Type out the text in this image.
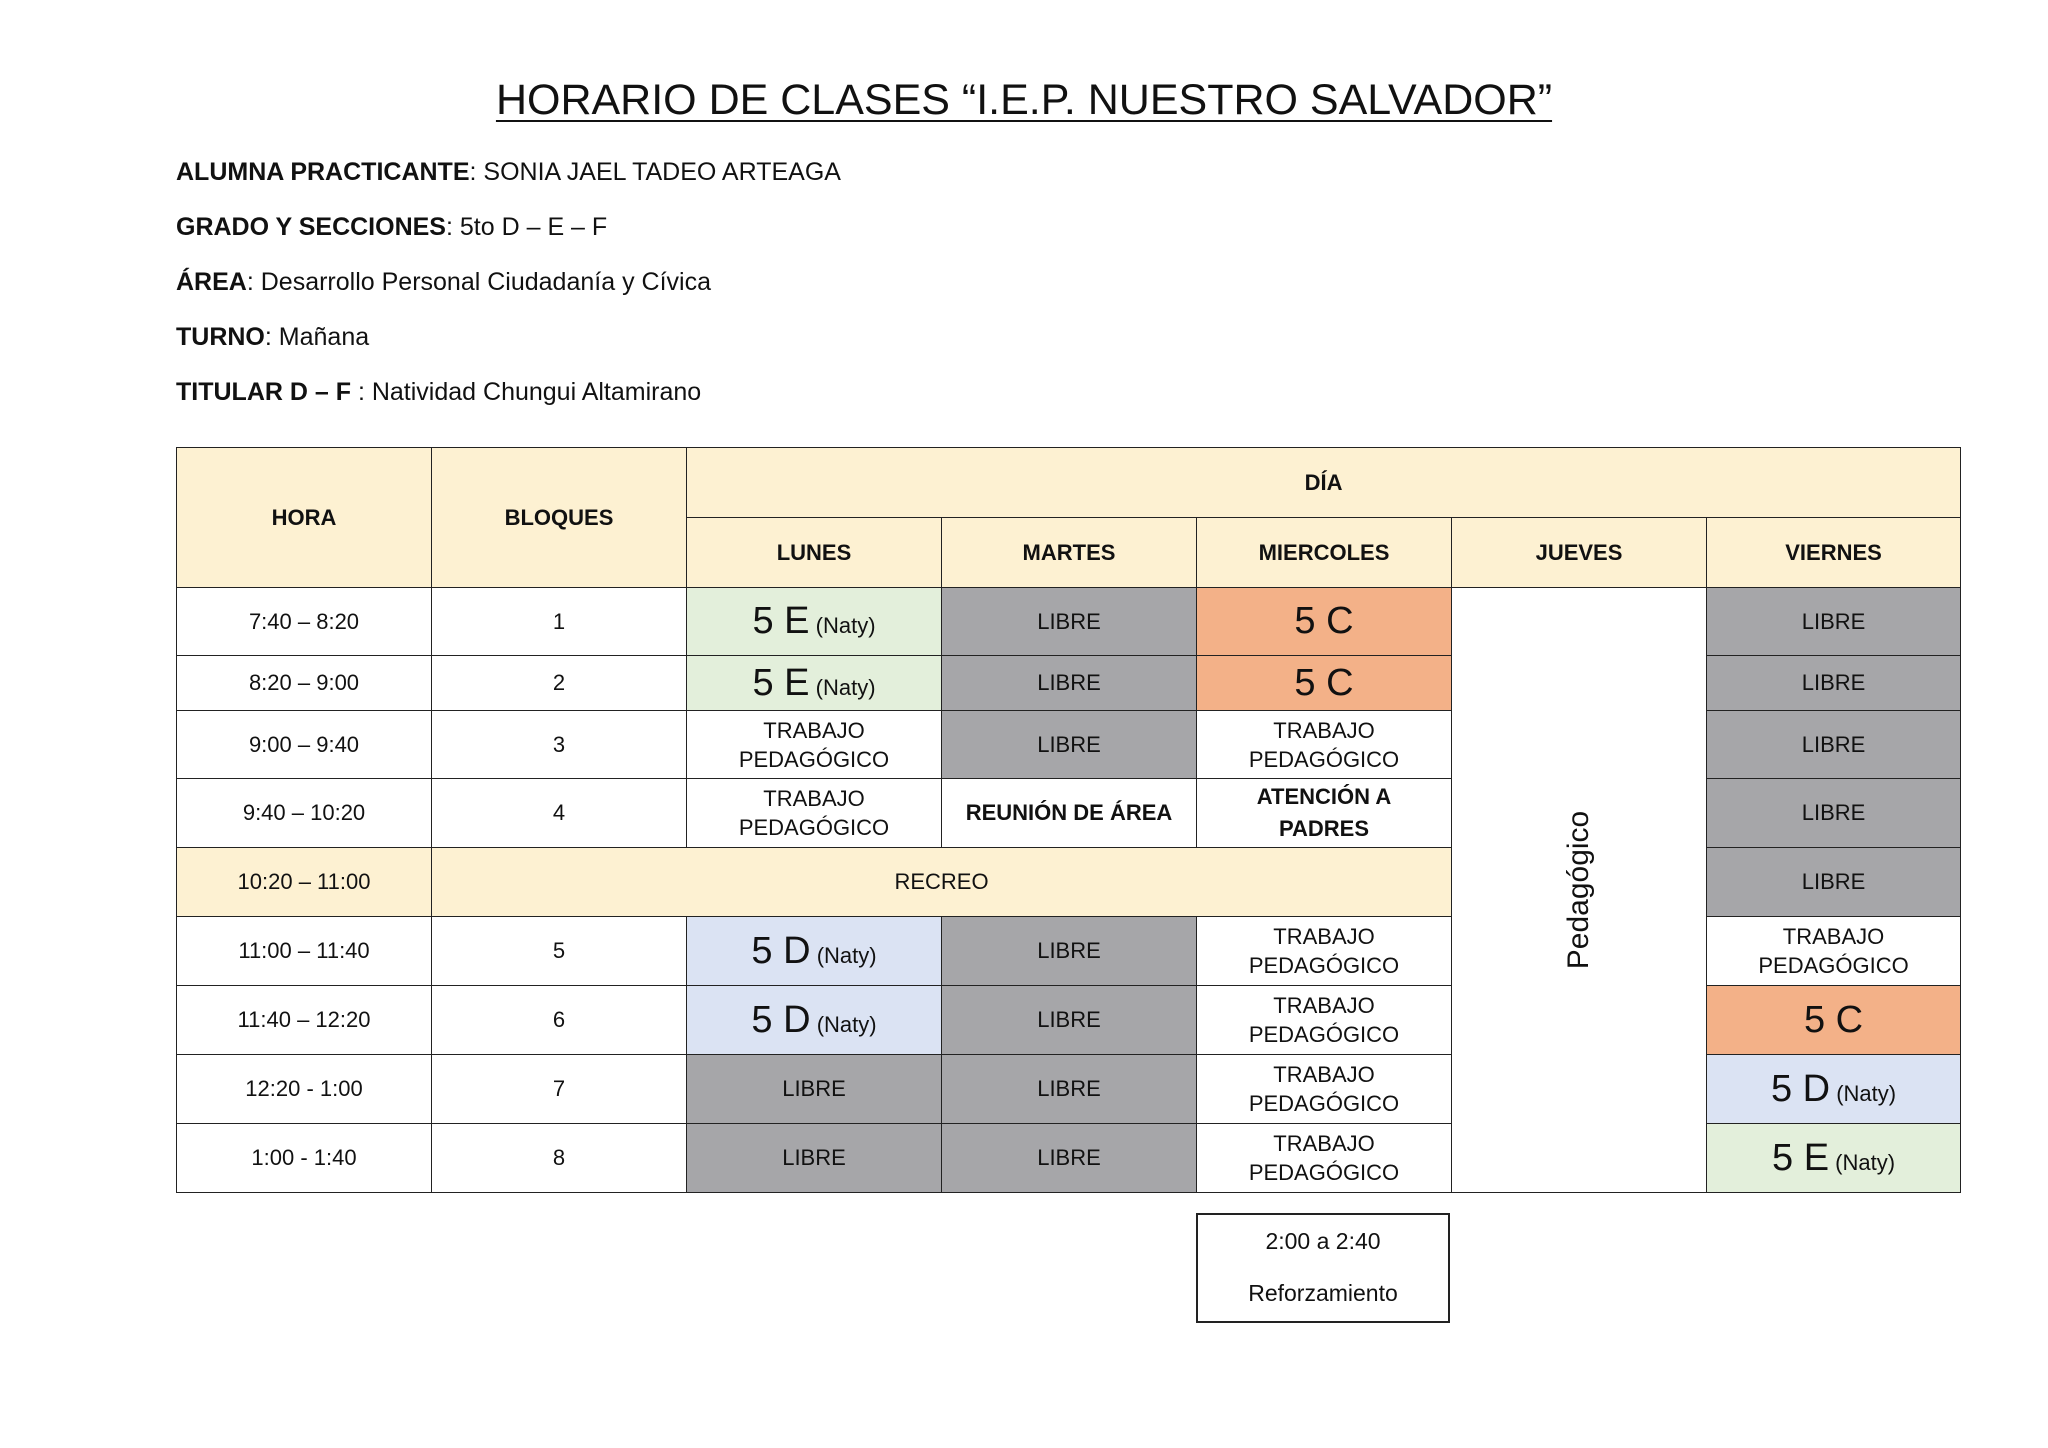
HORARIO DE CLASES “I.E.P. NUESTRO SALVADOR”
ALUMNA PRACTICANTE: SONIA JAEL TADEO ARTEAGA
GRADO Y SECCIONES: 5to D – E – F
ÁREA: Desarrollo Personal Ciudadanía y Cívica
TURNO: Mañana
TITULAR D – F : Natividad Chungui Altamirano
HORA	BLOQUES	DÍA				
		LUNES	MARTES	MIERCOLES	JUEVES	VIERNES
7:40 – 8:20	1	5 E (Naty)	LIBRE	5 C	Pedagógico	LIBRE
8:20 – 9:00	2	5 E (Naty)	LIBRE	5 C		LIBRE
9:00 – 9:40	3	TRABAJO
PEDAGÓGICO	LIBRE	TRABAJO
PEDAGÓGICO		LIBRE
9:40 – 10:20	4	TRABAJO
PEDAGÓGICO	REUNIÓN DE ÁREA	ATENCIÓN A
PADRES		LIBRE
10:20 – 11:00	RECREO					LIBRE
11:00 – 11:40	5	5 D (Naty)	LIBRE	TRABAJO
PEDAGÓGICO		TRABAJO
PEDAGÓGICO
11:40 – 12:20	6	5 D (Naty)	LIBRE	TRABAJO
PEDAGÓGICO		5 C
12:20 - 1:00	7	LIBRE	LIBRE	TRABAJO
PEDAGÓGICO		5 D (Naty)
1:00 - 1:40	8	LIBRE	LIBRE	TRABAJO
PEDAGÓGICO		5 E (Naty)
2:00 a 2:40
Reforzamiento
